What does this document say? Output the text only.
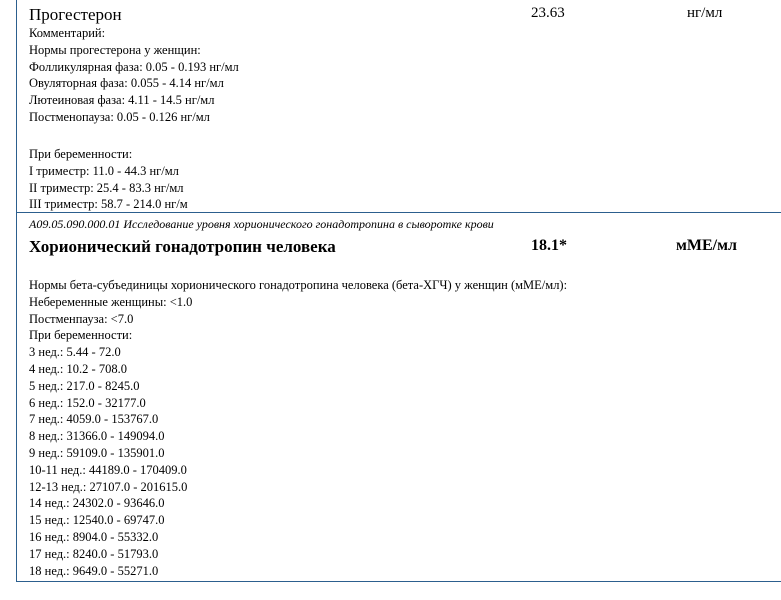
Прогестерон	23.63	нг/мл
Комментарий:
Нормы прогестерона у женщин:
Фолликулярная фаза: 0.05 - 0.193 нг/мл
Овуляторная фаза: 0.055 - 4.14 нг/мл
Лютеиновая фаза: 4.11 - 14.5 нг/мл
Постменопауза: 0.05 - 0.126 нг/мл
При беременности:
I триместр: 11.0 - 44.3 нг/мл
II триместр: 25.4 - 83.3 нг/мл
III триместр: 58.7 - 214.0 нг/м
A09.05.090.000.01 Исследование уровня хорионического гонадотропина в сыворотке крови
Хорионический гонадотропин человека	18.1*	мМЕ/мл
Нормы бета-субъединицы хорионического гонадотропина человека (бета-ХГЧ) у женщин (мМЕ/мл):
Небеременные женщины: <1.0
Постменпауза: <7.0
При беременности:
3 нед.: 5.44 - 72.0
4 нед.: 10.2 - 708.0
5 нед.: 217.0 - 8245.0
6 нед.: 152.0 - 32177.0
7 нед.: 4059.0 - 153767.0
8 нед.: 31366.0 - 149094.0
9 нед.: 59109.0 - 135901.0
10-11 нед.: 44189.0 - 170409.0
12-13 нед.: 27107.0 - 201615.0
14 нед.: 24302.0 - 93646.0
15 нед.: 12540.0 - 69747.0
16 нед.: 8904.0 - 55332.0
17 нед.: 8240.0 - 51793.0
18 нед.: 9649.0 - 55271.0
